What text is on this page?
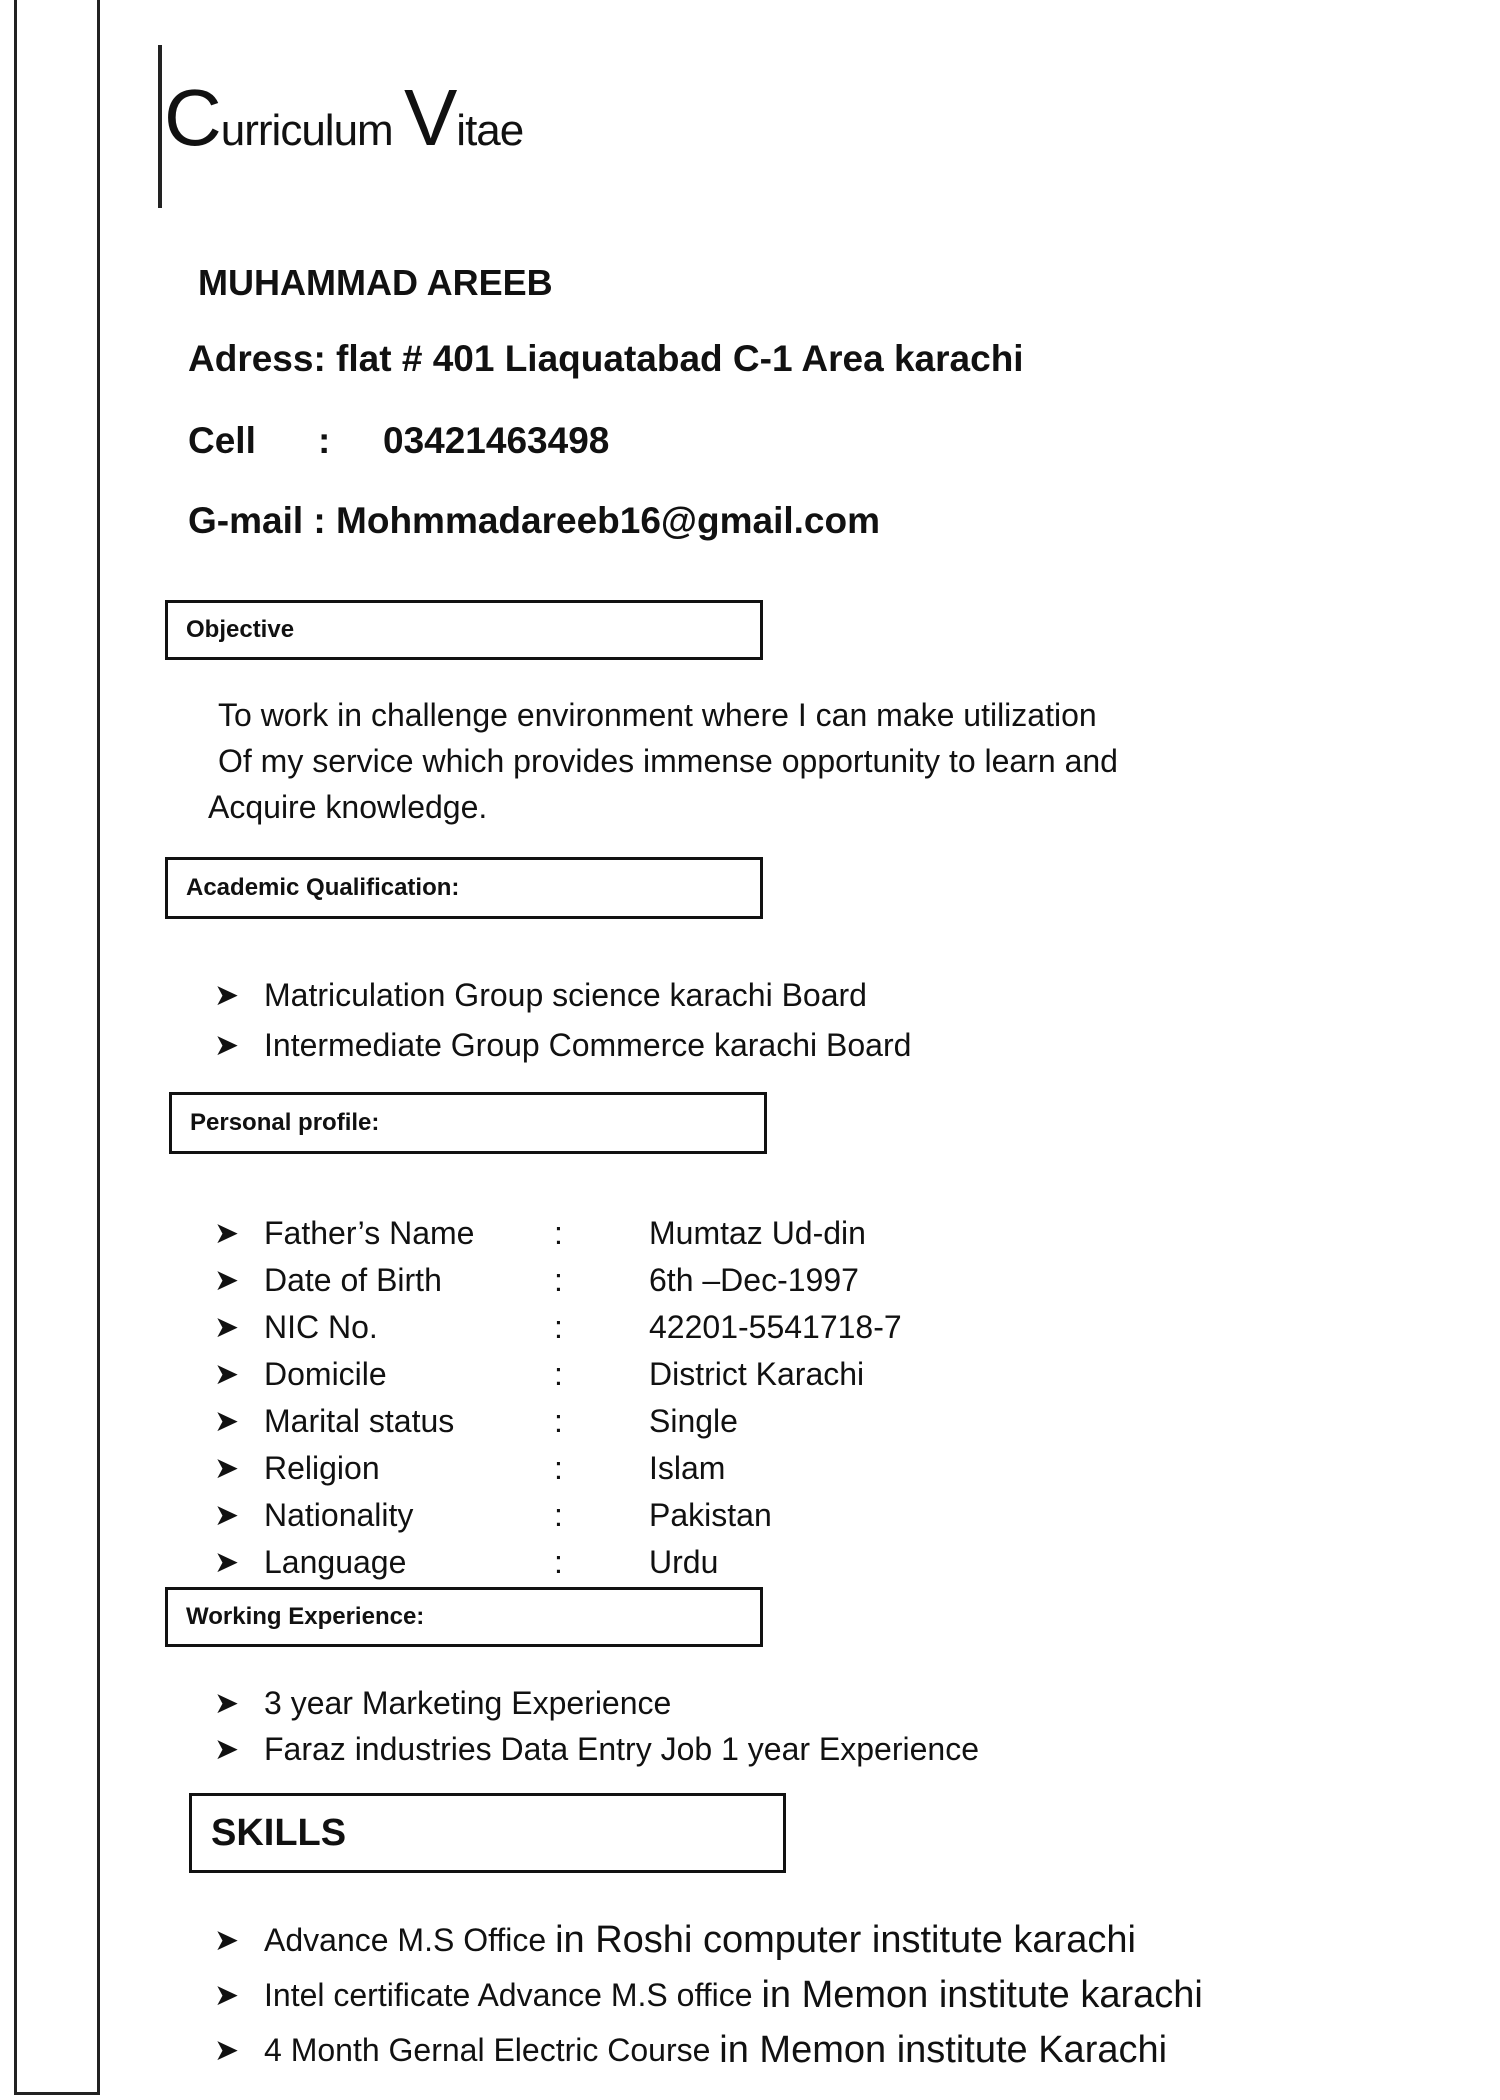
Curriculum Vitae
MUHAMMAD AREEB
Adress: flat # 401 Liaquatabad C-1 Area karachi
Cell : 03421463498
G-mail : Mohmmadareeb16@gmail.com
Objective
To work in challenge environment where I can make utilization
Of my service which provides immense opportunity to learn and
Acquire knowledge.
Academic Qualification:
➤ Matriculation Group science karachi Board
➤ Intermediate Group Commerce karachi Board
Personal profile:
➤ Father’s Name	:	Mumtaz Ud-din
➤ Date of Birth	:	6th –Dec-1997
➤ NIC No.	:	42201-5541718-7
➤ Domicile	:	District Karachi
➤ Marital status	:	Single
➤ Religion	:	Islam
➤ Nationality	:	Pakistan
➤ Language	:	Urdu
Working Experience:
➤ 3 year Marketing Experience
➤ Faraz industries Data Entry Job 1 year Experience
SKILLS
➤ Advance M.S Office
in Roshi computer institute karachi
➤ Intel certificate Advance M.S office
in Memon institute karachi
➤ 4 Month Gernal Electric Course
in Memon institute Karachi
